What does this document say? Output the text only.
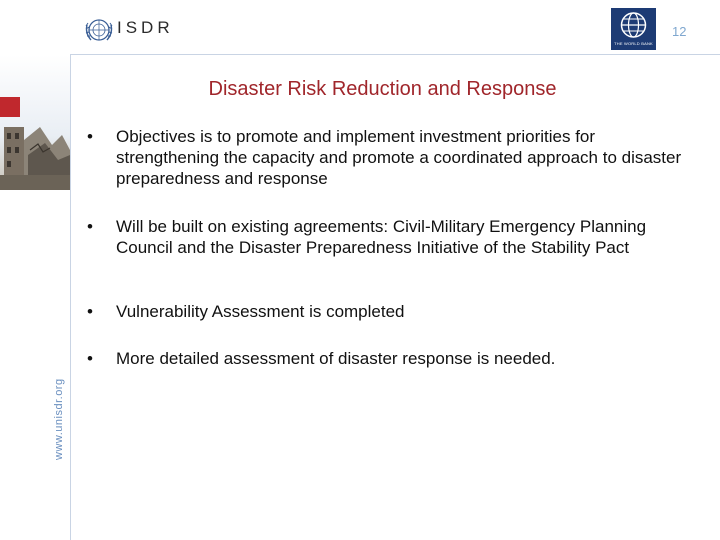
ISDR
THE WORLD BANK
12
Disaster Risk Reduction and Response
• Objectives is to promote and implement investment priorities for strengthening the capacity and promote a coordinated approach to disaster preparedness and response
• Will be built on existing agreements: Civil-Military Emergency Planning Council and the Disaster Preparedness Initiative of the Stability Pact
• Vulnerability Assessment is completed
• More detailed assessment of disaster response is needed.
www.unisdr.org
